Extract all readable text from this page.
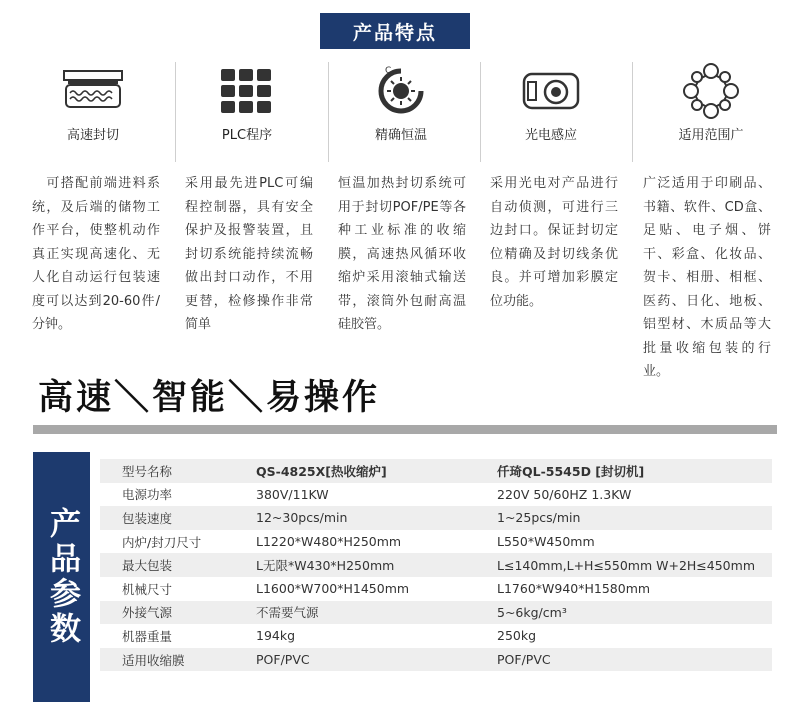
产品特点
高速封切	PLC程序
C
精确恒温	光电感应	适用范围广
　可搭配前端进料系统，及后端的储物工作平台，使整机动作真正实现高速化、无人化自动运行包装速度可以达到20-60件/分钟。
采用最先进PLC可编程控制器，具有安全保护及报警装置，且封切系统能持续流畅做出封口动作，不用更替，检修操作非常简单
恒温加热封切系统可用于封切POF/PE等各种工业标准的收缩膜，高速热风循环收缩炉采用滚轴式输送带，滚筒外包耐高温硅胶管。
采用光电对产品进行自动侦测，可进行三边封口。保证封切定位精确及封切线条优良。并可增加彩膜定位功能。
广泛适用于印刷品、书籍、软件、CD盒、足贴、电子烟、饼干、彩盒、化妆品、贺卡、相册、相框、医药、日化、地板、铝型材、木质品等大批量收缩包装的行业。
高速＼智能＼易操作
产品参数
型号名称	QS-4825X[热收缩炉]	仟琦QL-5545D [封切机]
电源功率	380V/11KW	220V 50/60HZ 1.3KW
包装速度	12~30pcs/min	1~25pcs/min
内炉/封刀尺寸	L1220*W480*H250mm	L550*W450mm
最大包装	L无限*W430*H250mm	L≤140mm,L+H≤550mm W+2H≤450mm
机械尺寸	L1600*W700*H1450mm	L1760*W940*H1580mm
外接气源	不需要气源	5~6kg/cm³
机器重量	194kg	250kg
适用收缩膜	POF/PVC	POF/PVC
